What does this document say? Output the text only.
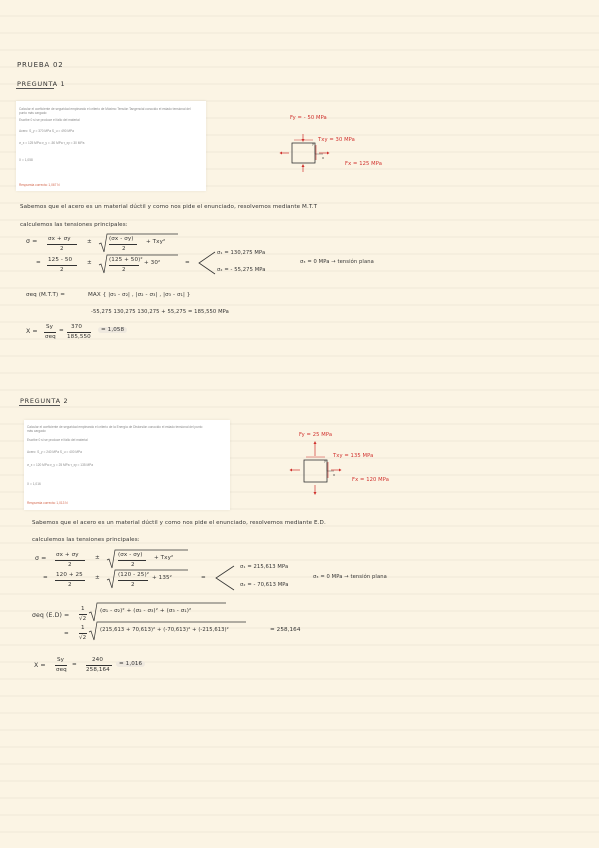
PRUEBA 02
PREGUNTA 1
Calcular el coeficiente de seguridad empleando el criterio de Máximo Tensión Tangencial conocido el estado tensional del
punto más cargado:
Escribe 0 si se produce el fallo del material
Acero: S_y = 370 MPa S_u = 490 MPa
σ_x = 125 MPa σ_y = -50 MPa τ_xy = 30 MPa
X = 1,058
Respuesta correcta: 1,067 N
x
y
Fy = - 50 MPa
Txy = 30 MPa
Fx = 125 MPa
Sabemos que el acero es un material dúctil y como nos pide el enunciado, resolvemos mediante M.T.T
calculemos las tensiones principales:
σ = σx + σy
2
±	(σx - σy)
2
+ Txy²
= 125 - 50
2
±	(125 + 50)²
2
+ 30²	=
σ₁ = 130,275 MPa
σ₂ = - 55,275 MPa
σ₃ = 0 MPa → tensión plana
σeq (M.T.T) =	MAX { |σ₁ - σ₂| , |σ₂ - σ₃| , |σ₃ - σ₁| }
-55,275 130,275 130,275 + 55,275 = 185,550 MPa
X =
Sy
σeq
=
370
185,550
= 1,058
PREGUNTA 2
Calcular el coeficiente de seguridad empleando el criterio de la Energía de Distorsión conocido el estado tensional del punto
más cargado:
Escribe 0 si se produce el fallo del material
Acero: S_y = 240 MPa S_u = 400 MPa
σ_x = 120 MPa σ_y = 25 MPa τ_xy = 135 MPa
X = 1,016
Respuesta correcta: 1,013 N
x
y
Fy = 25 MPa
Txy = 135 MPa
Fx = 120 MPa
Sabemos que el acero es un material dúctil y como nos pide el enunciado, resolvemos mediante E.D.
calculemos las tensiones principales:
σ = σx + σy
2
±	(σx - σy)
2
+ Txy²
= 120 + 25
2
±	(120 - 25)²
2
+ 135²	=
σ₁ = 215,613 MPa
σ₂ = - 70,613 MPa
σ₃ = 0 MPa → tensión plana
σeq (E.D) =
1
√2
(σ₁ - σ₂)² + (σ₂ - σ₃)² + (σ₃ - σ₁)²
=
1
√2
(215,613 + 70,613)² + (-70,613)² + (-215,613)²	= 258,164
X =
Sy
σeq
=
240
258,164
= 1,016
